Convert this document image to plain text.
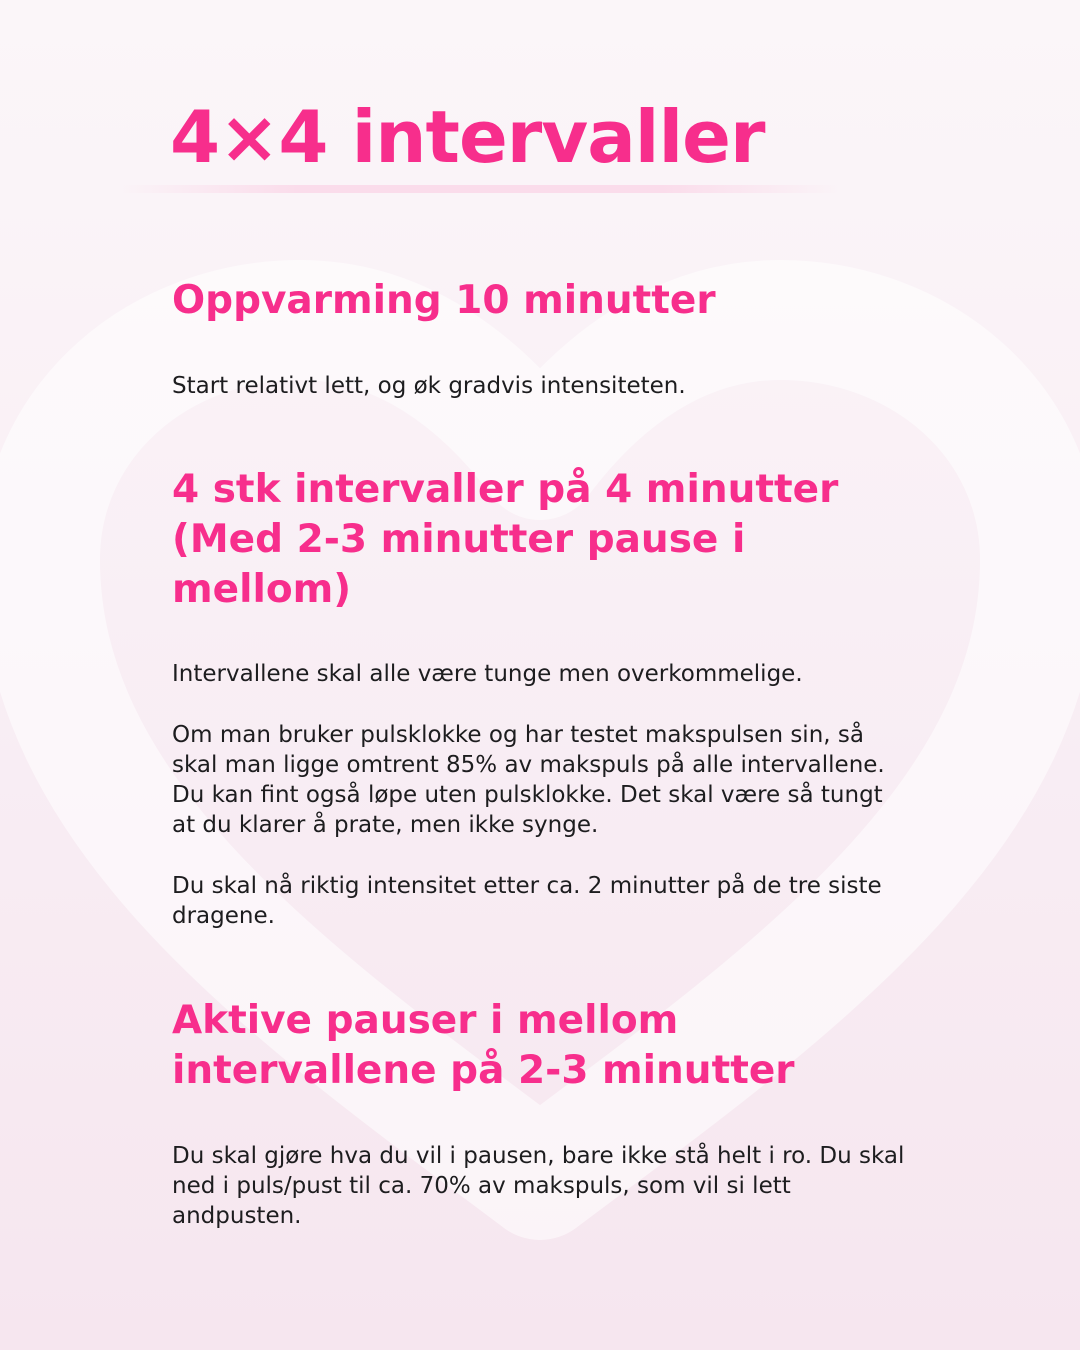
4×4 intervaller
Oppvarming 10 minutter

Start relativt lett, og øk gradvis intensiteten.

4 stk intervaller på 4 minutter (Med 2-3 minutter pause i mellom)

Intervallene skal alle være tunge men overkommelige.

Om man bruker pulsklokke og har testet makspulsen sin, så skal man ligge omtrent 85% av makspuls på alle intervallene. Du kan fint også løpe uten pulsklokke. Det skal være så tungt at du klarer å prate, men ikke synge.

Du skal nå riktig intensitet etter ca. 2 minutter på de tre siste dragene.

Aktive pauser i mellom intervallene på 2-3 minutter

Du skal gjøre hva du vil i pausen, bare ikke stå helt i ro. Du skal ned i puls/pust til ca. 70% av makspuls, som vil si lett andpusten.
